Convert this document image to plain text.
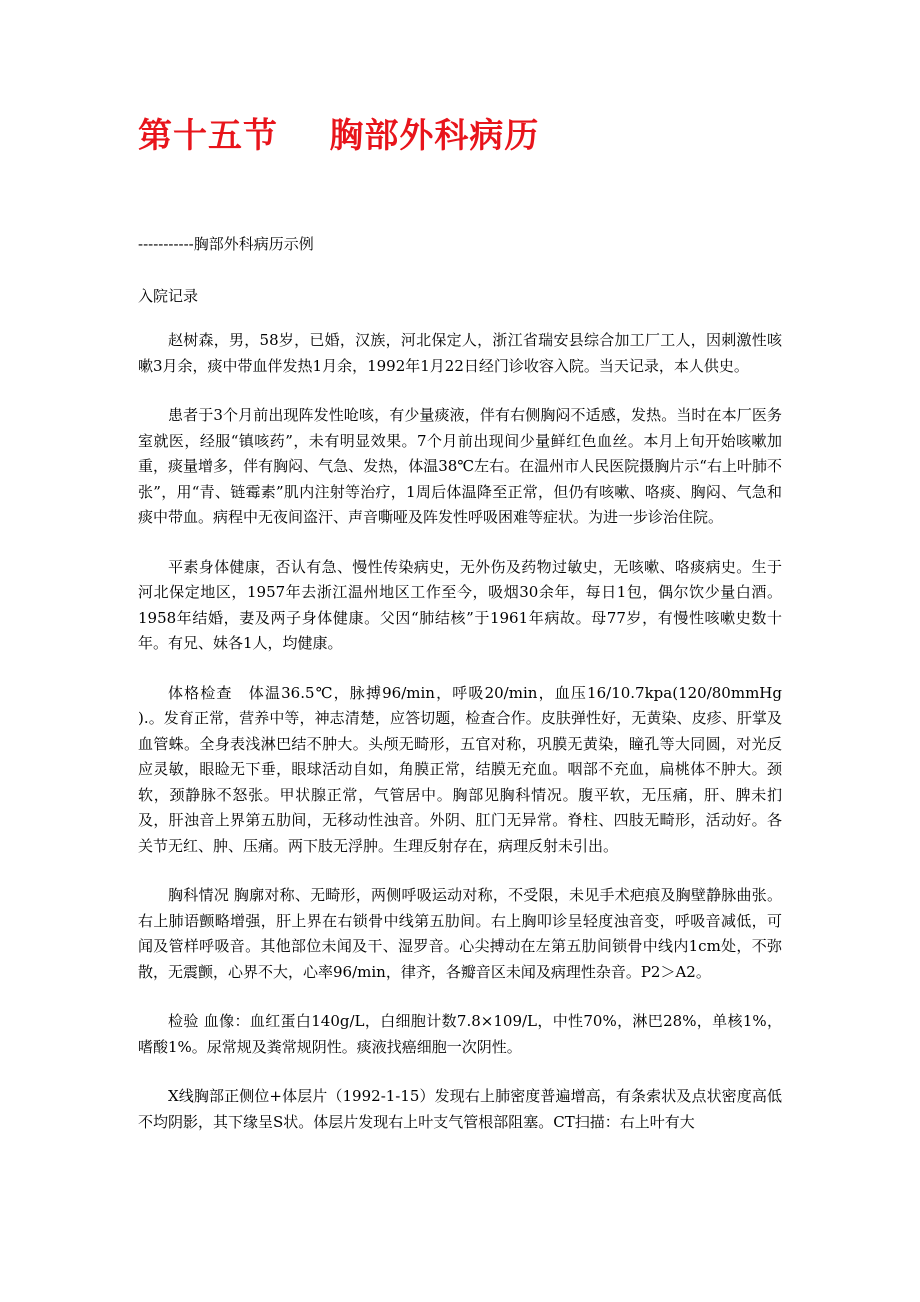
第十五节    胸部外科病历
-----------胸部外科病历示例
入院记录

赵树森，男，58岁，已婚，汉族，河北保定人，浙江省瑞安县综合加工厂工人，因刺激性咳嗽3月余，痰中带血伴发热1月余，1992年1月22日经门诊收容入院。当天记录，本人供史。

患者于3个月前出现阵发性呛咳，有少量痰液，伴有右侧胸闷不适感，发热。当时在本厂医务室就医，经服“镇咳药”，未有明显效果。7个月前出现间少量鲜红色血丝。本月上旬开始咳嗽加重，痰量增多，伴有胸闷、气急、发热，体温38℃左右。在温州市人民医院摄胸片示“右上叶肺不张”，用“青、链霉素”肌内注射等治疗，1周后体温降至正常，但仍有咳嗽、咯痰、胸闷、气急和痰中带血。病程中无夜间盗汗、声音嘶哑及阵发性呼吸困难等症状。为进一步诊治住院。

平素身体健康，否认有急、慢性传染病史，无外伤及药物过敏史，无咳嗽、咯痰病史。生于河北保定地区，1957年去浙江温州地区工作至今，吸烟30余年，每日1包，偶尔饮少量白酒。1958年结婚，妻及两子身体健康。父因“肺结核”于1961年病故。母77岁，有慢性咳嗽史数十年。有兄、妹各1人，均健康。

体格检查　体温36.5℃，脉搏96/min，呼吸20/min，血压16/10.7kpa(120/80mmHg ).。发育正常，营养中等，神志清楚，应答切题，检查合作。皮肤弹性好，无黄染、皮疹、肝掌及血管蛛。全身表浅淋巴结不肿大。头颅无畸形，五官对称，巩膜无黄染，瞳孔等大同圆，对光反应灵敏，眼睑无下垂，眼球活动自如，角膜正常，结膜无充血。咽部不充血，扁桃体不肿大。颈软，颈静脉不怒张。甲状腺正常，气管居中。胸部见胸科情况。腹平软，无压痛，肝、脾未扪及，肝浊音上界第五肋间，无移动性浊音。外阴、肛门无异常。脊柱、四肢无畸形，活动好。各关节无红、肿、压痛。两下肢无浮肿。生理反射存在，病理反射未引出。

胸科情况 胸廓对称、无畸形，两侧呼吸运动对称，不受限，未见手术疤痕及胸壁静脉曲张。右上肺语颤略增强，肝上界在右锁骨中线第五肋间。右上胸叩诊呈轻度浊音变，呼吸音减低，可闻及管样呼吸音。其他部位未闻及干、湿罗音。心尖搏动在左第五肋间锁骨中线内1cm处，不弥散，无震颤，心界不大，心率96/min，律齐，各瓣音区未闻及病理性杂音。P2＞A2。

检验 血像：血红蛋白140g/L，白细胞计数7.8×109/L，中性70%，淋巴28%，单核1%，嗜酸1%。尿常规及粪常规阴性。痰液找癌细胞一次阴性。

X线胸部正侧位+体层片（1992-1-15）发现右上肺密度普遍增高，有条索状及点状密度高低不均阴影，其下缘呈S状。体层片发现右上叶支气管根部阻塞。CT扫描：右上叶有大
